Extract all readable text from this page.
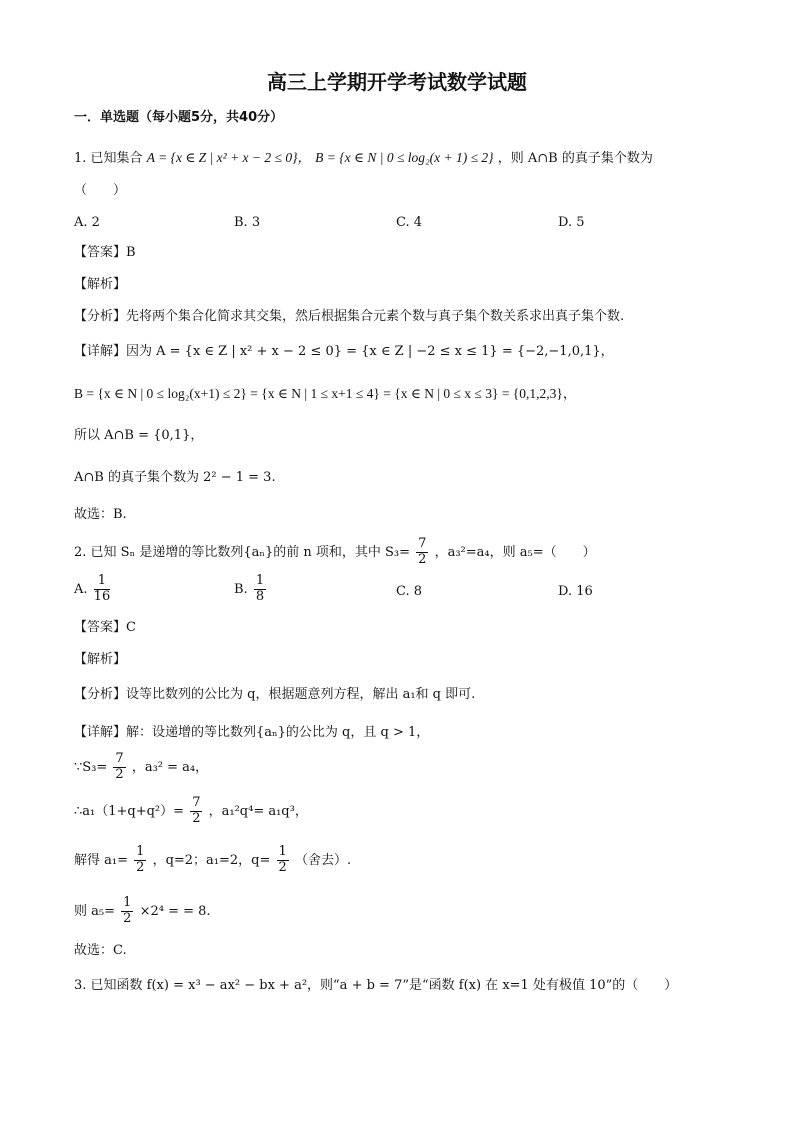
高三上学期开学考试数学试题
一．单选题（每小题5分，共40分）
1. 已知集合 A = {x ∈ Z | x² + x − 2 ≤ 0}， B = {x ∈ N | 0 ≤ log₂(x + 1) ≤ 2} ，则 A∩B 的真子集个数为
（　　）
A. 2	B. 3	C. 4	D. 5
【答案】B
【解析】
【分析】先将两个集合化简求其交集，然后根据集合元素个数与真子集个数关系求出真子集个数.
【详解】因为 A = {x ∈ Z | x² + x − 2 ≤ 0} = {x ∈ Z | −2 ≤ x ≤ 1} = {−2,−1,0,1}，
B = {x ∈ N | 0 ≤ log₂(x+1) ≤ 2} = {x ∈ N | 1 ≤ x+1 ≤ 4} = {x ∈ N | 0 ≤ x ≤ 3} = {0,1,2,3}，
所以 A∩B = {0,1}，
A∩B 的真子集个数为 2² − 1 = 3.
故选：B.
2. 已知 Sₙ 是递增的等比数列{aₙ}的前 n 项和，其中 $S_3= \frac{7}{2}$ ，a₃²=a₄，则 a₅=（　　）
A. $\frac{1}{16}$	B. $\frac{1}{8}$	C. 8	D. 16
【答案】C
【解析】
【分析】设等比数列的公比为 q，根据题意列方程，解出 a₁和 q 即可.
【详解】解：设递增的等比数列{aₙ}的公比为 q，且 q > 1，
∵S₃= $\frac{7}{2}$ ，a₃² = a₄，
∴a₁（1+q+q²）= $\frac{7}{2}$ ，a₁²q⁴= a₁q³，
解得 $a_1= \frac{1}{2}$ ，q=2；a₁=2，$q= \frac{1}{2}$ （舍去）.
则 $a_5= \frac{1}{2} \times 2^4$ = = 8.
故选：C.
3. 已知函数 f(x) = x³ − ax² − bx + a²，则“a + b = 7”是“函数 f(x) 在 x=1 处有极值 10”的（　　）
